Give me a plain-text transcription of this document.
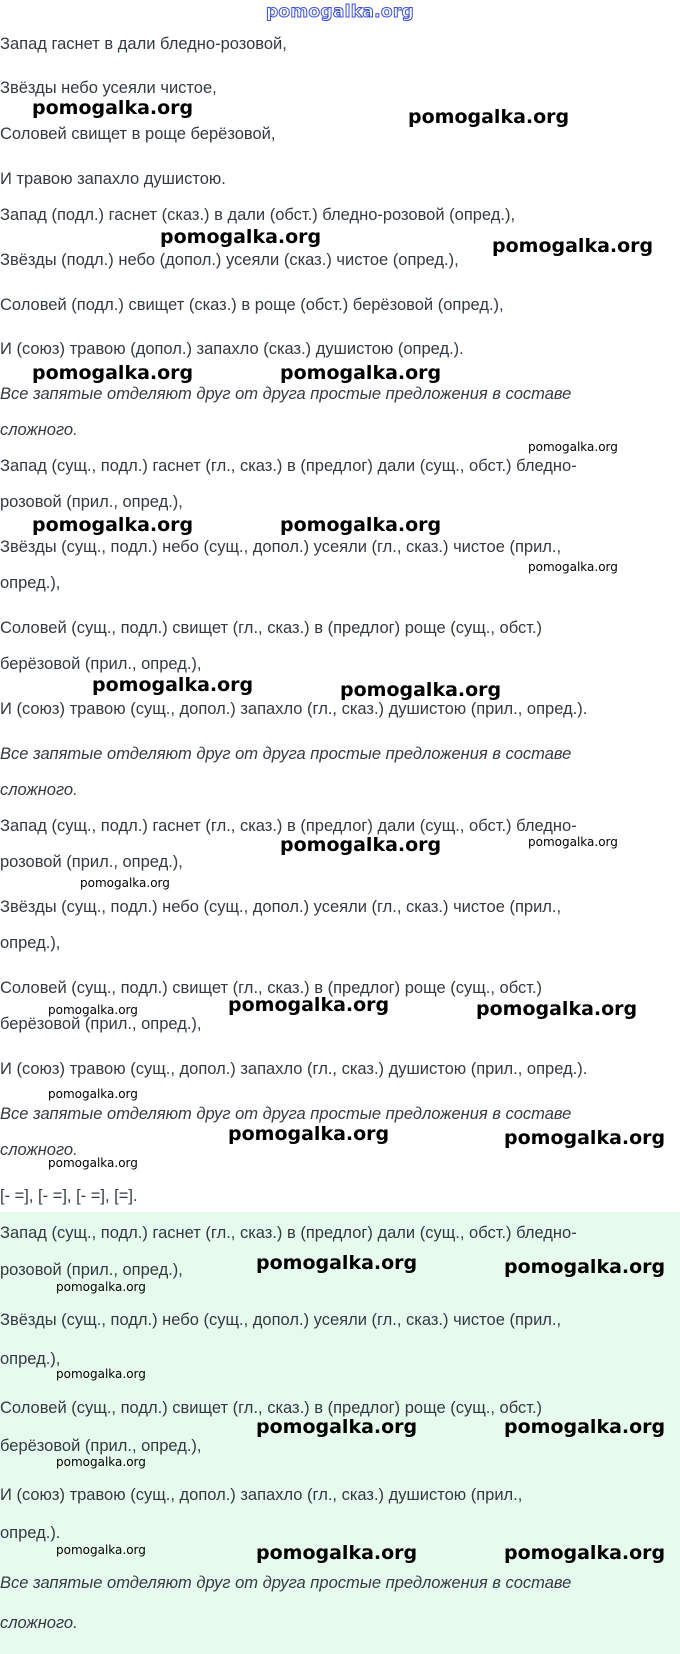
pomogalka.org

Запад гаснет в дали бледно-розовой,

Звёзды небо усеяли чистое,

Соловей свищет в роще берёзовой,

И травою запахло душистою.

Запад (подл.) гаснет (сказ.) в дали (обст.) бледно-розовой (опред.),

Звёзды (подл.) небо (допол.) усеяли (сказ.) чистое (опред.),

Соловей (подл.) свищет (сказ.) в роще (обст.) берёзовой (опред.),

И (союз) травою (допол.) запахло (сказ.) душистою (опред.).

Все запятые отделяют друг от друга простые предложения в составе

сложного.

Запад (сущ., подл.) гаснет (гл., сказ.) в (предлог) дали (сущ., обст.) бледно-

розовой (прил., опред.),

Звёзды (сущ., подл.) небо (сущ., допол.) усеяли (гл., сказ.) чистое (прил.,

опред.),

Соловей (сущ., подл.) свищет (гл., сказ.) в (предлог) роще (сущ., обст.)

берёзовой (прил., опред.),

И (союз) травою (сущ., допол.) запахло (гл., сказ.) душистою (прил., опред.).

Все запятые отделяют друг от друга простые предложения в составе

сложного.

Запад (сущ., подл.) гаснет (гл., сказ.) в (предлог) дали (сущ., обст.) бледно-

розовой (прил., опред.),

Звёзды (сущ., подл.) небо (сущ., допол.) усеяли (гл., сказ.) чистое (прил.,

опред.),

Соловей (сущ., подл.) свищет (гл., сказ.) в (предлог) роще (сущ., обст.)

берёзовой (прил., опред.),

И (союз) травою (сущ., допол.) запахло (гл., сказ.) душистою (прил., опред.).

Все запятые отделяют друг от друга простые предложения в составе

сложного.

[- =], [- =], [- =], [=].

Запад (сущ., подл.) гаснет (гл., сказ.) в (предлог) дали (сущ., обст.) бледно-

розовой (прил., опред.),

Звёзды (сущ., подл.) небо (сущ., допол.) усеяли (гл., сказ.) чистое (прил.,

опред.),

Соловей (сущ., подл.) свищет (гл., сказ.) в (предлог) роще (сущ., обст.)

берёзовой (прил., опред.),

И (союз) травою (сущ., допол.) запахло (гл., сказ.) душистою (прил.,

опред.).

Все запятые отделяют друг от друга простые предложения в составе

сложного.

pomogalka.org	pomogalka.org
pomogalka.org	pomogalka.org
pomogalka.org	pomogalka.org
pomogalka.org
pomogalka.org	pomogalka.org
pomogalka.org
pomogalka.org	pomogalka.org
pomogalka.org	pomogalka.org
pomogalka.org
pomogalka.org
pomogalka.org	pomogalka.org
pomogalka.org
pomogalka.org	pomogalka.org
pomogalka.org
pomogalka.org	pomogalka.org
pomogalka.org
pomogalka.org
pomogalka.org	pomogalka.org
pomogalka.org
pomogalka.org	pomogalka.org	pomogalka.org
